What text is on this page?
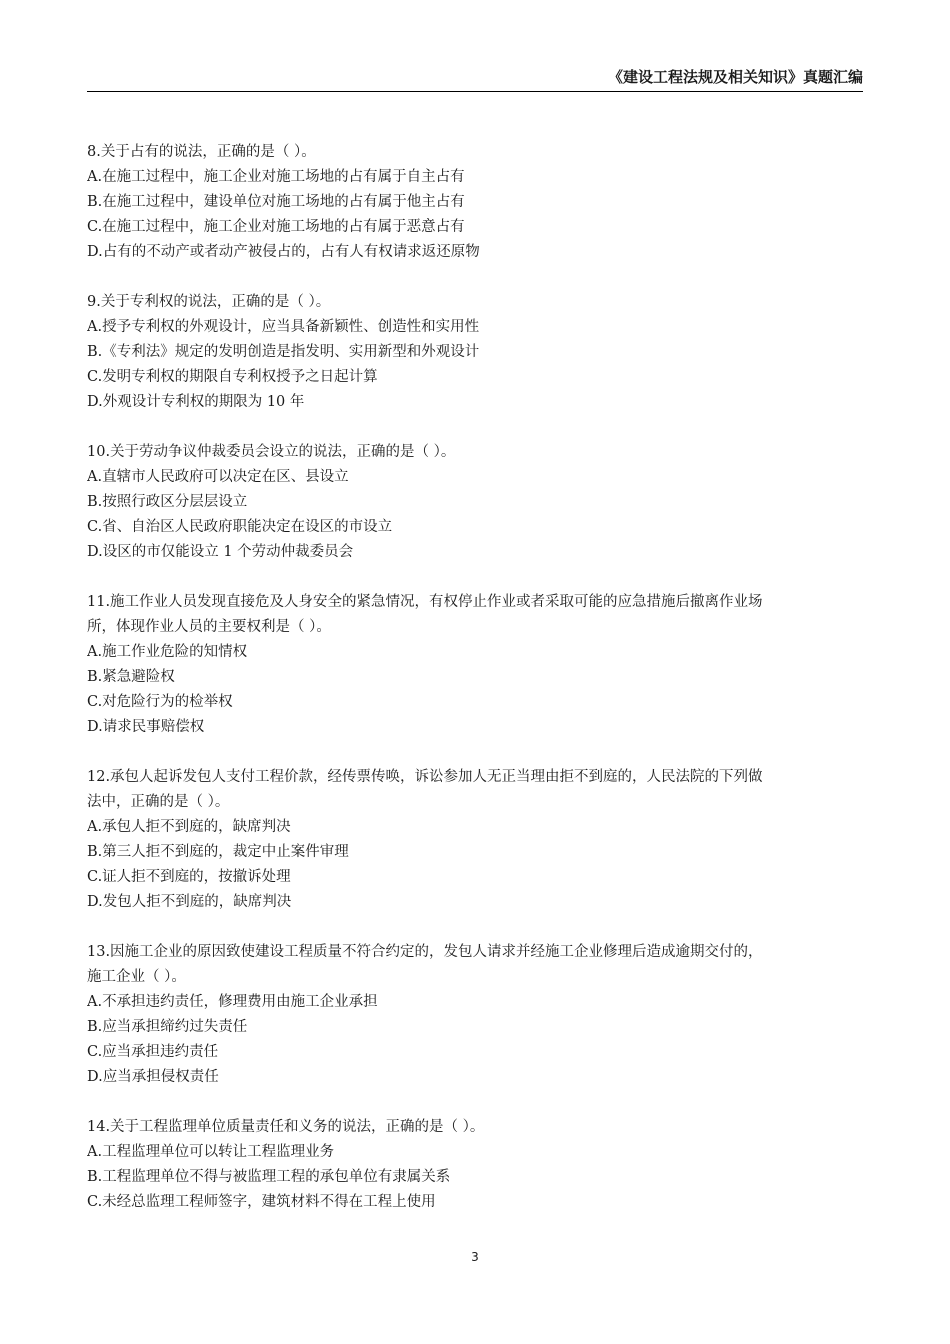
《建设工程法规及相关知识》真题汇编
8.关于占有的说法，正确的是（ ）。
A.在施工过程中，施工企业对施工场地的占有属于自主占有
B.在施工过程中，建设单位对施工场地的占有属于他主占有
C.在施工过程中，施工企业对施工场地的占有属于恶意占有
D.占有的不动产或者动产被侵占的，占有人有权请求返还原物
9.关于专利权的说法，正确的是（ ）。
A.授予专利权的外观设计，应当具备新颖性、创造性和实用性
B.《专利法》规定的发明创造是指发明、实用新型和外观设计
C.发明专利权的期限自专利权授予之日起计算
D.外观设计专利权的期限为 10 年
10.关于劳动争议仲裁委员会设立的说法，正确的是（ ）。
A.直辖市人民政府可以决定在区、县设立
B.按照行政区分层层设立
C.省、自治区人民政府职能决定在设区的市设立
D.设区的市仅能设立 1 个劳动仲裁委员会
11.施工作业人员发现直接危及人身安全的紧急情况，有权停止作业或者采取可能的应急措施后撤离作业场
所，体现作业人员的主要权利是（ ）。
A.施工作业危险的知情权
B.紧急避险权
C.对危险行为的检举权
D.请求民事赔偿权
12.承包人起诉发包人支付工程价款，经传票传唤，诉讼参加人无正当理由拒不到庭的，人民法院的下列做
法中，正确的是（ ）。
A.承包人拒不到庭的，缺席判决
B.第三人拒不到庭的，裁定中止案件审理
C.证人拒不到庭的，按撤诉处理
D.发包人拒不到庭的，缺席判决
13.因施工企业的原因致使建设工程质量不符合约定的，发包人请求并经施工企业修理后造成逾期交付的，
施工企业（ ）。
A.不承担违约责任，修理费用由施工企业承担
B.应当承担缔约过失责任
C.应当承担违约责任
D.应当承担侵权责任
14.关于工程监理单位质量责任和义务的说法，正确的是（ ）。
A.工程监理单位可以转让工程监理业务
B.工程监理单位不得与被监理工程的承包单位有隶属关系
C.未经总监理工程师签字，建筑材料不得在工程上使用
3
